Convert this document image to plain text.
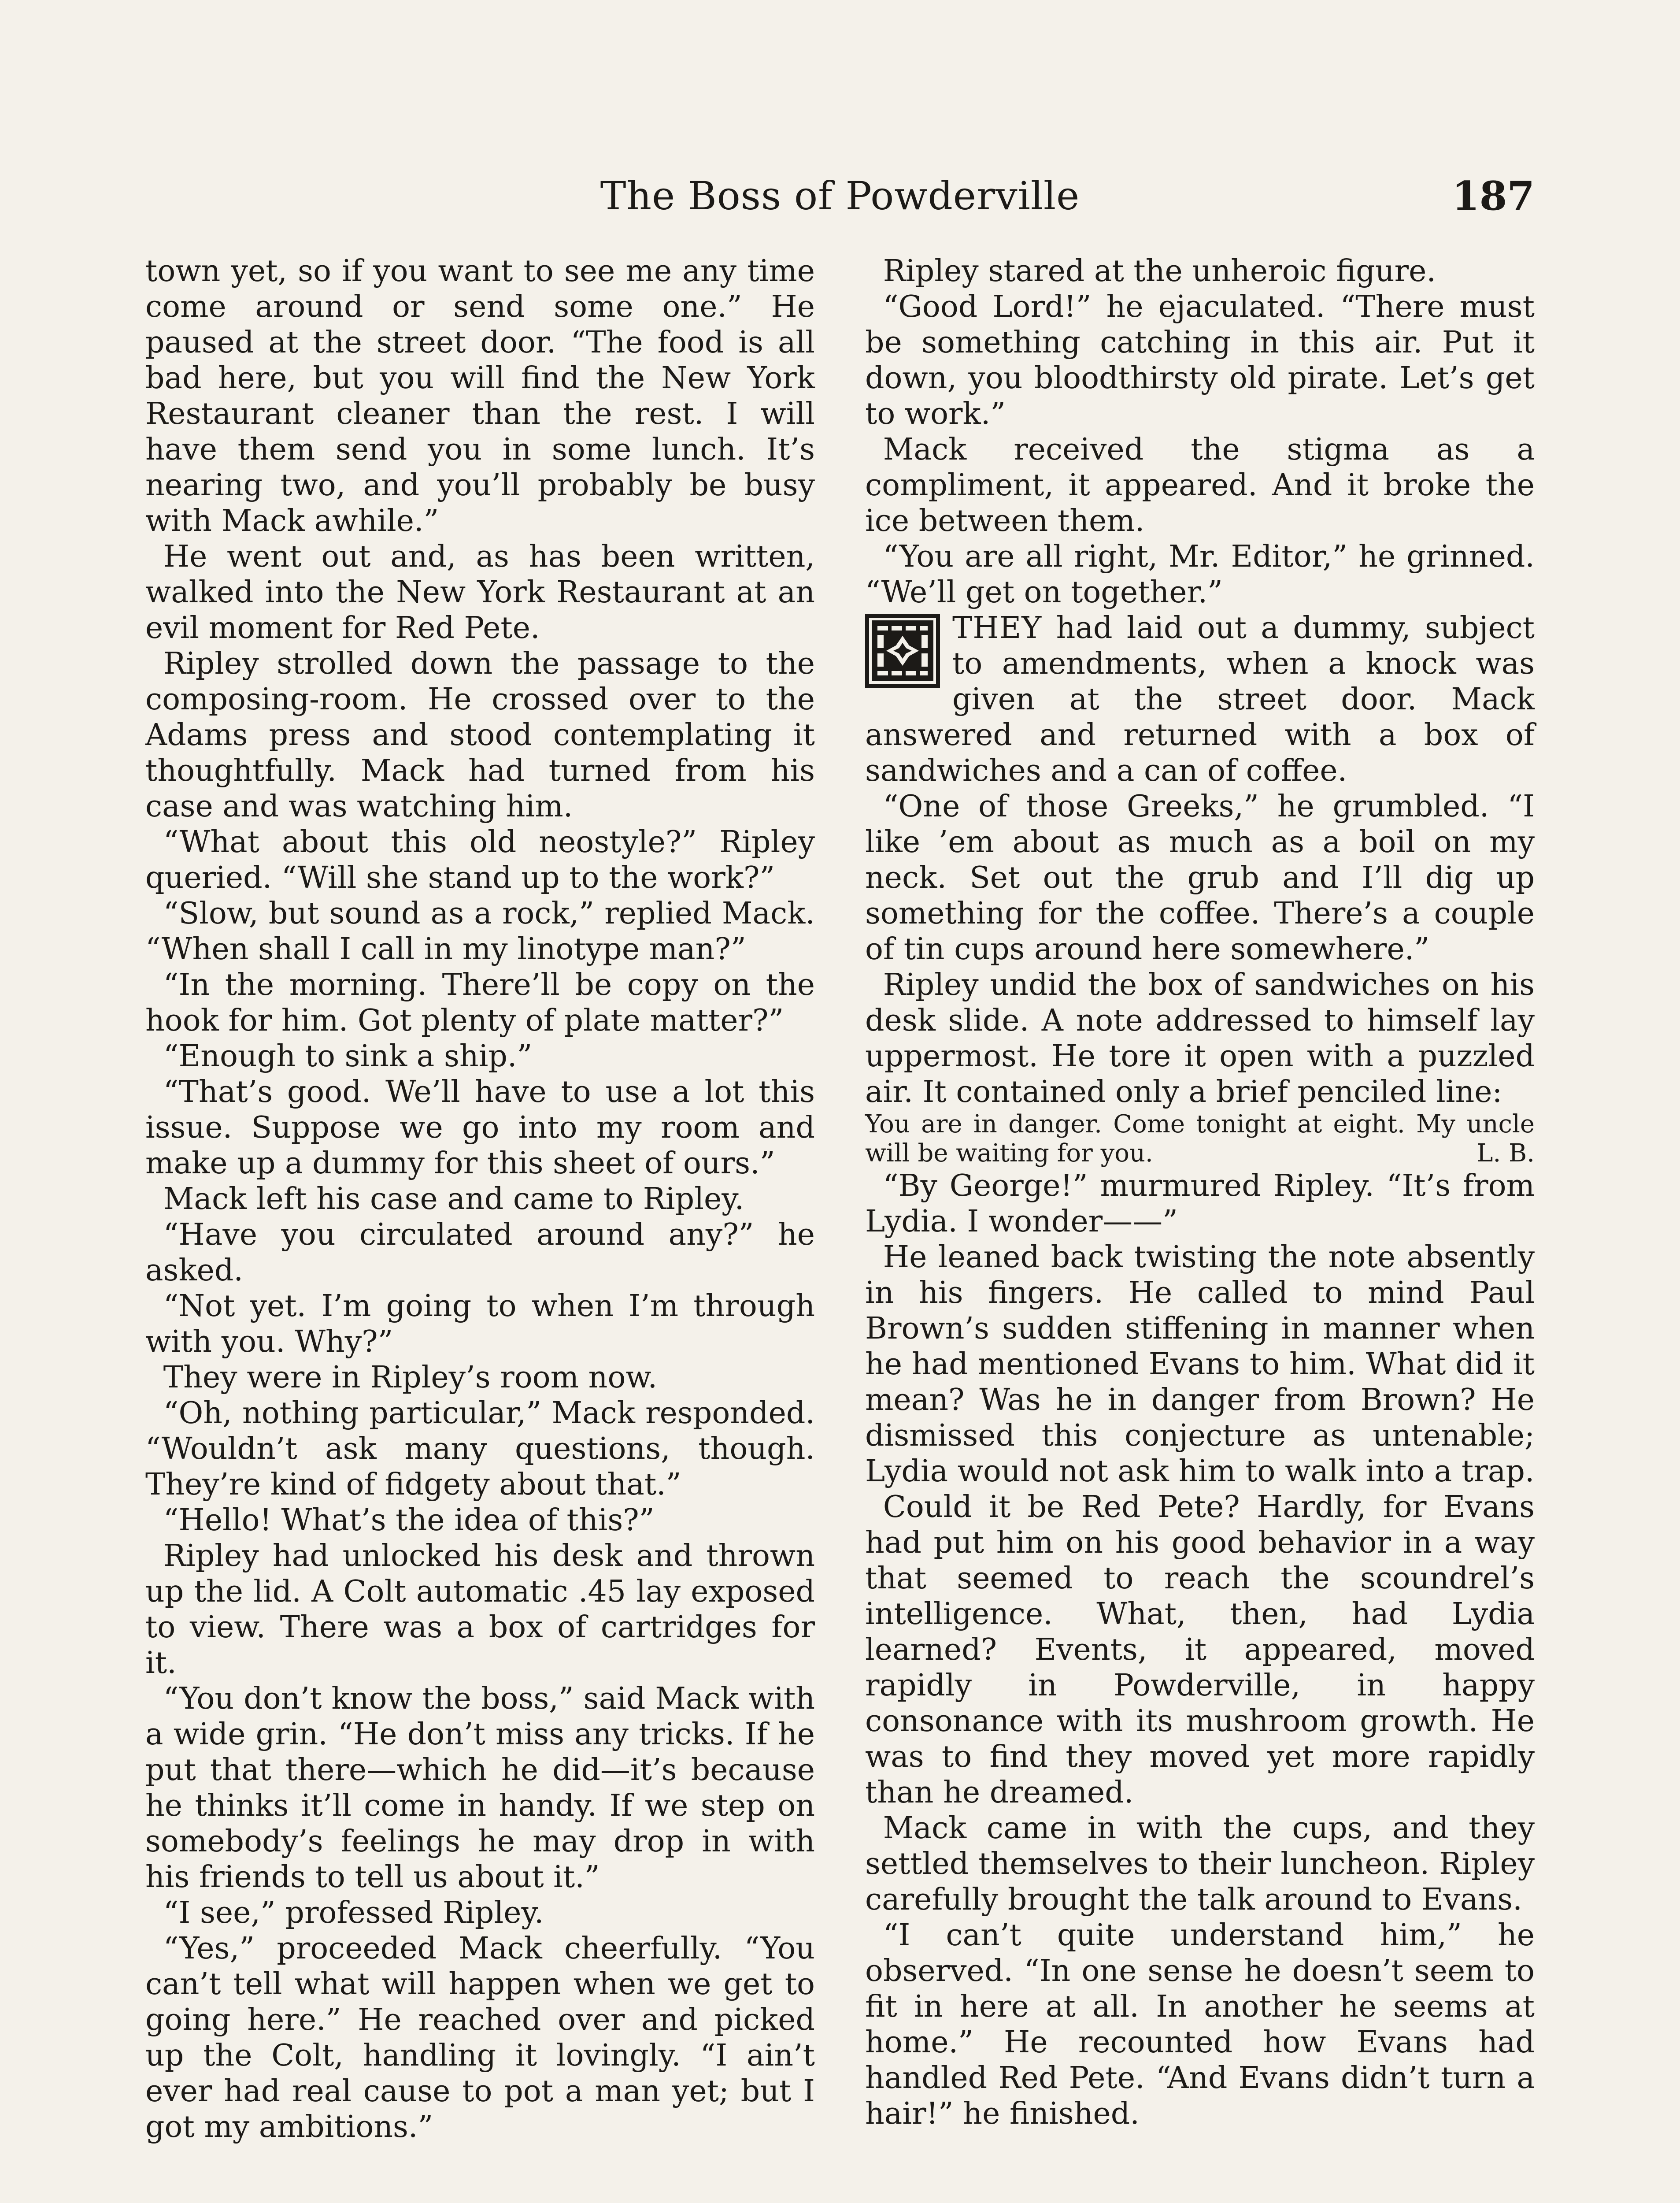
The Boss of Powderville	187

town yet, so if you want to see me any time come around or send some one.” He paused at the street door. “The food is all bad here, but you will find the New York Restaurant cleaner than the rest. I will have them send you in some lunch. It’s nearing two, and you’ll probably be busy with Mack awhile.”

He went out and, as has been written, walked into the New York Restaurant at an evil moment for Red Pete.

Ripley strolled down the passage to the composing-room. He crossed over to the Adams press and stood contemplating it thoughtfully. Mack had turned from his case and was watching him.

“What about this old neostyle?” Ripley queried. “Will she stand up to the work?”

“Slow, but sound as a rock,” replied Mack. “When shall I call in my linotype man?”

“In the morning. There’ll be copy on the hook for him. Got plenty of plate matter?”

“Enough to sink a ship.”

“That’s good. We’ll have to use a lot this issue. Suppose we go into my room and make up a dummy for this sheet of ours.”

Mack left his case and came to Ripley.

“Have you circulated around any?” he asked.

“Not yet. I’m going to when I’m through with you. Why?”

They were in Ripley’s room now.

“Oh, nothing particular,” Mack responded. “Wouldn’t ask many questions, though. They’re kind of fidgety about that.”

“Hello! What’s the idea of this?”

Ripley had unlocked his desk and thrown up the lid. A Colt automatic .45 lay exposed to view. There was a box of cartridges for it.

“You don’t know the boss,” said Mack with a wide grin. “He don’t miss any tricks. If he put that there—which he did—it’s because he thinks it’ll come in handy. If we step on somebody’s feelings he may drop in with his friends to tell us about it.”

“I see,” professed Ripley.

“Yes,” proceeded Mack cheerfully. “You can’t tell what will happen when we get to going here.” He reached over and picked up the Colt, handling it lovingly. “I ain’t ever had real cause to pot a man yet; but I got my ambitions.”

Ripley stared at the unheroic figure.

“Good Lord!” he ejaculated. “There must be something catching in this air. Put it down, you bloodthirsty old pirate. Let’s get to work.”

Mack received the stigma as a compliment, it appeared. And it broke the ice between them.

“You are all right, Mr. Editor,” he grinned. “We’ll get on together.”

THEY had laid out a dummy, subject to amendments, when a knock was given at the street door. Mack answered and returned with a box of sandwiches and a can of coffee.

“One of those Greeks,” he grumbled. “I like ’em about as much as a boil on my neck. Set out the grub and I’ll dig up something for the coffee. There’s a couple of tin cups around here somewhere.”

Ripley undid the box of sandwiches on his desk slide. A note addressed to himself lay uppermost. He tore it open with a puzzled air. It contained only a brief penciled line:

You are in danger. Come tonight at eight. My uncle will be waiting for you.	L. B.

“By George!” murmured Ripley. “It’s from Lydia. I wonder——”

He leaned back twisting the note absently in his fingers. He called to mind Paul Brown’s sudden stiffening in manner when he had mentioned Evans to him. What did it mean? Was he in danger from Brown? He dismissed this conjecture as untenable; Lydia would not ask him to walk into a trap.

Could it be Red Pete? Hardly, for Evans had put him on his good behavior in a way that seemed to reach the scoundrel’s intelligence. What, then, had Lydia learned? Events, it appeared, moved rapidly in Powderville, in happy consonance with its mushroom growth. He was to find they moved yet more rapidly than he dreamed.

Mack came in with the cups, and they settled themselves to their luncheon. Ripley carefully brought the talk around to Evans.

“I can’t quite understand him,” he observed. “In one sense he doesn’t seem to fit in here at all. In another he seems at home.” He recounted how Evans had handled Red Pete. “And Evans didn’t turn a hair!” he finished.
